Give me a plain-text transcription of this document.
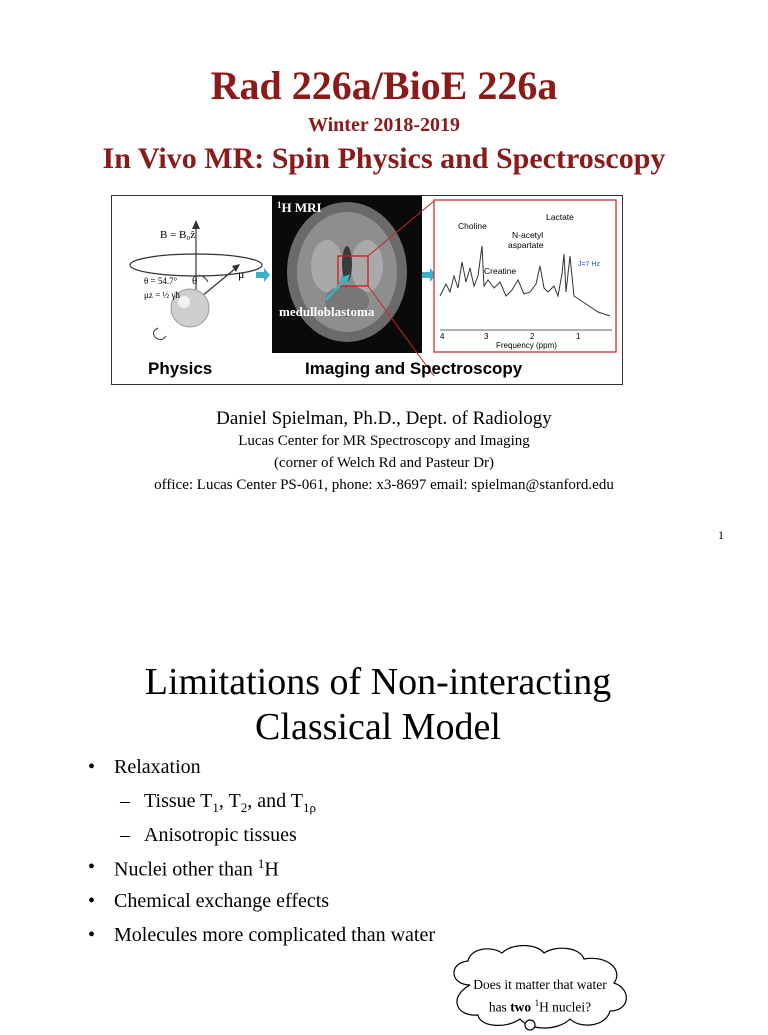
Rad 226a/BioE 226a
Winter 2018-2019
In Vivo MR: Spin Physics and Spectroscopy
B = B₀ẑ
θ	μ
θ = 54.7°
μz = ½ γħ
$^1$H MRI
medulloblastoma
Choline
N-acetyl
aspartate
Lactate
Creatine
J=7 Hz
4	3	2	1
Frequency (ppm)
Physics	Imaging and Spectroscopy
Daniel Spielman, Ph.D., Dept. of Radiology
Lucas Center for MR Spectroscopy and Imaging
(corner of Welch Rd and Pasteur Dr)
office: Lucas Center PS-061, phone: x3-8697 email: spielman@stanford.edu
1
Limitations of Non-interacting
Classical Model
• Relaxation
– Tissue $T_1$, $T_2$, and $T_{1\rho}$
– Anisotropic tissues
• Nuclei other than $^1$H
• Chemical exchange effects
• Molecules more complicated than water
Does it matter that water
has two $^1$H nuclei?
